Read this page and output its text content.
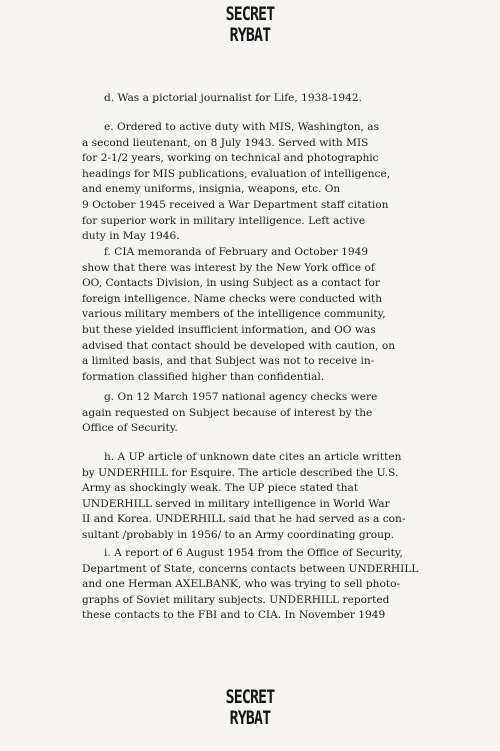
SECRET
RYBAT
d. Was a pictorial journalist for Life, 1938-1942.
e. Ordered to active duty with MIS, Washington, as
a second lieutenant, on 8 July 1943. Served with MIS
for 2-1/2 years, working on technical and photographic
headings for MIS publications, evaluation of intelligence,
and enemy uniforms, insignia, weapons, etc. On
9 October 1945 received a War Department staff citation
for superior work in military intelligence. Left active
duty in May 1946.
f. CIA memoranda of February and October 1949
show that there was interest by the New York office of
OO, Contacts Division, in using Subject as a contact for
foreign intelligence. Name checks were conducted with
various military members of the intelligence community,
but these yielded insufficient information, and OO was
advised that contact should be developed with caution, on
a limited basis, and that Subject was not to receive in-
formation classified higher than confidential.
g. On 12 March 1957 national agency checks were
again requested on Subject because of interest by the
Office of Security.
h. A UP article of unknown date cites an article written
by UNDERHILL for Esquire. The article described the U.S.
Army as shockingly weak. The UP piece stated that
UNDERHILL served in military intelligence in World War
II and Korea. UNDERHILL said that he had served as a con-
sultant /probably in 1956/ to an Army coordinating group.
i. A report of 6 August 1954 from the Office of Security,
Department of State, concerns contacts between UNDERHILL
and one Herman AXELBANK, who was trying to sell photo-
graphs of Soviet military subjects. UNDERHILL reported
these contacts to the FBI and to CIA. In November 1949
SECRET
RYBAT
